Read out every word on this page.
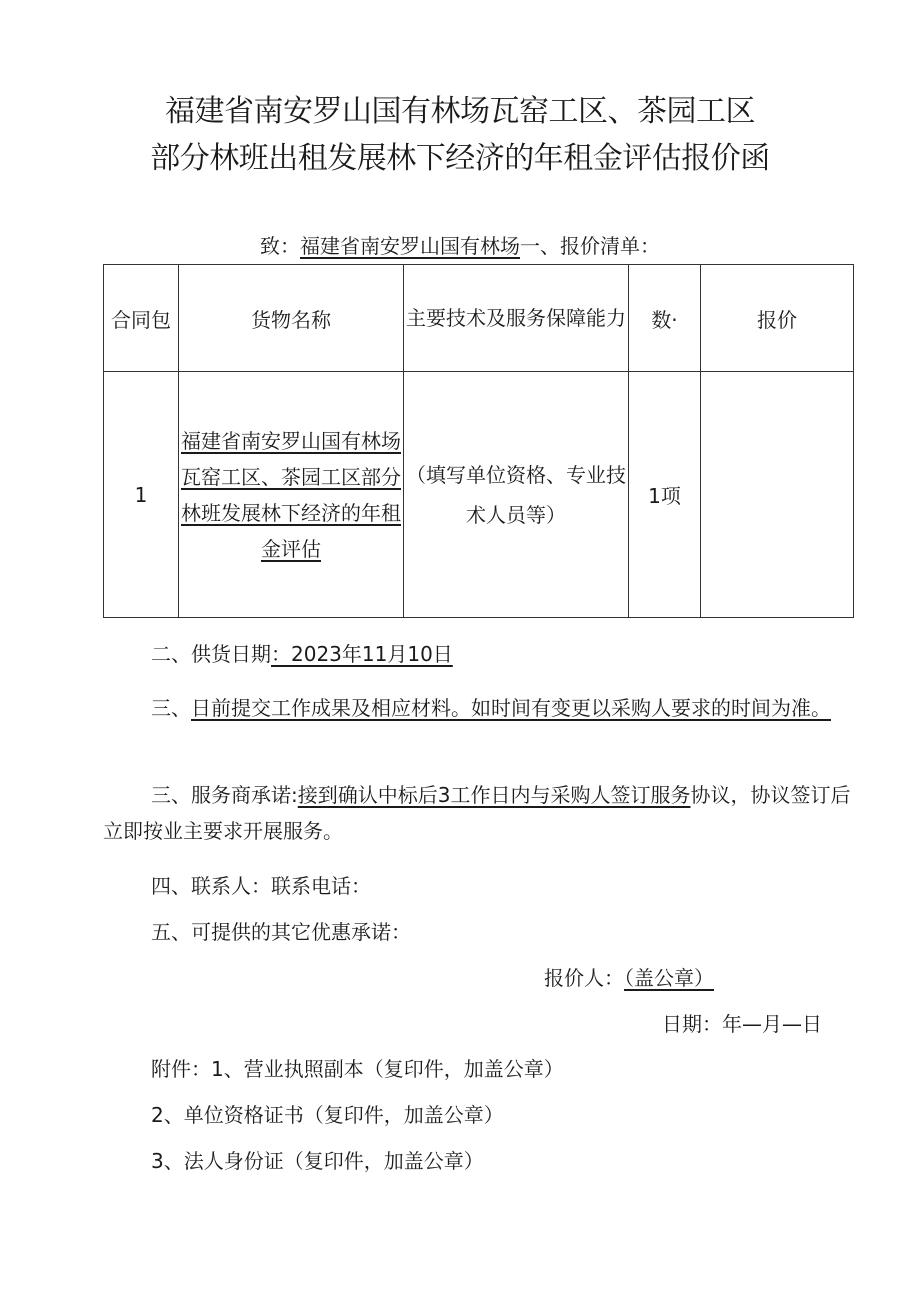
福建省南安罗山国有林场瓦窑工区、茶园工区
部分林班出租发展林下经济的年租金评估报价函
致：福建省南安罗山国有林场一、报价清单：
合同包	货物名称	主要技术及服务保障能力	数·	报价
1	福建省南安罗山国有林场瓦窑工区、茶园工区部分林班发展林下经济的年租金评估	（填写单位资格、专业技术人员等）	1项	
二、供货日期：2023年11月10日
三、日前提交工作成果及相应材料。如时间有变更以采购人要求的时间为准。
三、服务商承诺:接到确认中标后3工作日内与采购人签订服务协议，协议签订后立即按业主要求开展服务。
四、联系人：联系电话：
五、可提供的其它优惠承诺：
报价人：（盖公章）
日期：年—月—日
附件：1、营业执照副本（复印件，加盖公章）
2、单位资格证书（复印件，加盖公章）
3、法人身份证（复印件，加盖公章）
